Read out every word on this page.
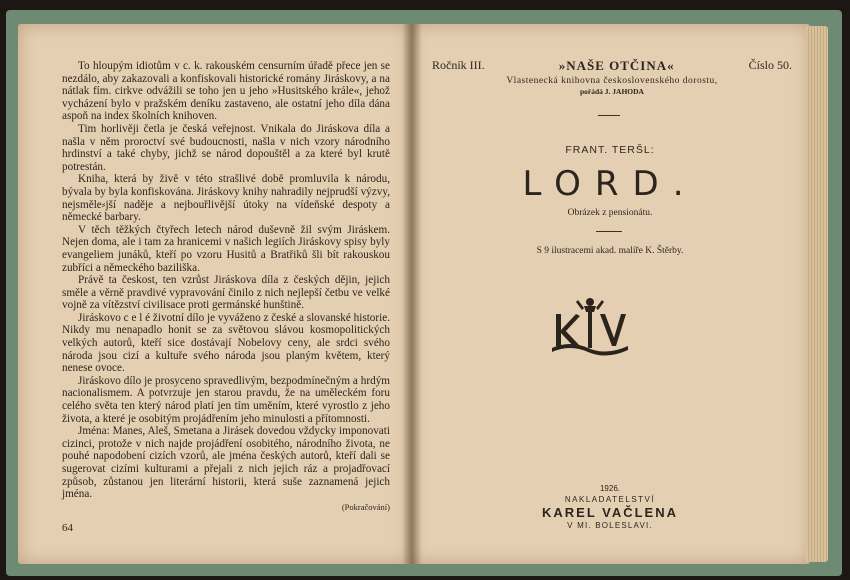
To hloupým idiotům v c. k. rakouském censurním úřadě přece jen se nezdálo, aby zakazovali a konfiskovali historické romány Jiráskovy, a na nátlak fím. cirkve odvážili se toho jen u jeho »Husitského krále«, jehož vycházení bylo v pražském deníku zastaveno, ale ostatní jeho díla dána aspoň na index školních knihoven.

Tim horlivěji četla je česká veřejnost. Vnikala do Jiráskova díla a našla v něm proroctví své budoucnosti, našla v nich vzory národního hrdinství a také chyby, jichž se národ dopouštěl a za které byl krutě potrestán.

Kniha, která by živě v této strašlivé době promluvila k národu, bývala by byla konfiskována. Jiráskovy knihy nahradily nejprudší výzvy, nejsměle⸗jší naděje a nejbouřlivější útoky na vídeňské despoty a německé barbary.

V těch těžkých čtyřech letech národ duševně žil svým Jiráskem. Nejen doma, ale i tam za hranicemi v našich legiích Jiráskovy spisy byly evangeliem junáků, kteří po vzoru Husitů a Bratřiků šli bít rakouskou zubříci a německého baziliška.

Právě ta českost, ten vzrůst Jiráskova díla z českých dějin, jejich směle a věrně pravdivé vypravování činilo z nich nejlepší četbu ve velké vojně za vítězství civilisace proti germánské hunštině.

Jiráskovo c e l é životní dílo je vyváženo z české a slovanské historie. Nikdy mu nenapadlo honit se za světovou slávou kosmopolitických velkých autorů, kteří sice dostávají Nobelovy ceny, ale srdci svého národa jsou cizí a kultuře svého národa jsou planým květem, který nenese ovoce.

Jiráskovo dílo je prosyceno spravedlivým, bezpodmínečným a hrdým nacionalismem. A potvrzuje jen starou pravdu, že na uměleckém foru celého světa ten který národ platí jen tím uměním, které vyrostlo z jeho života, a které je osobitým projádřením jeho minulosti a přítomnosti.

Jména: Manes, Aleš, Smetana a Jirásek dovedou vždycky imponovati cizinci, protože v nich najde projádření osobitého, národního života, ne pouhé napodobení cizích vzorů, ale jména českých autorů, kteří dali se sugerovat cizími kulturami a přejali z nich jejich ráz a projadřovací způsob, zůstanou jen literární historii, která suše zaznamená jejich jména.

(Pokračování)
64
Ročník III.	»NAŠE OTČINA«	Číslo 50.
Vlastenecká knihovna československého dorostu,
pořádá J. JAHODA
FRANT. TERŠL:
LORD.
Obrázek z pensionátu.
S 9 ilustracemi akad. malíře K. Štěrby.
1926.
NAKLADATELSTVÍ
KAREL VAČLENA
V MI. BOLESLAVI.
